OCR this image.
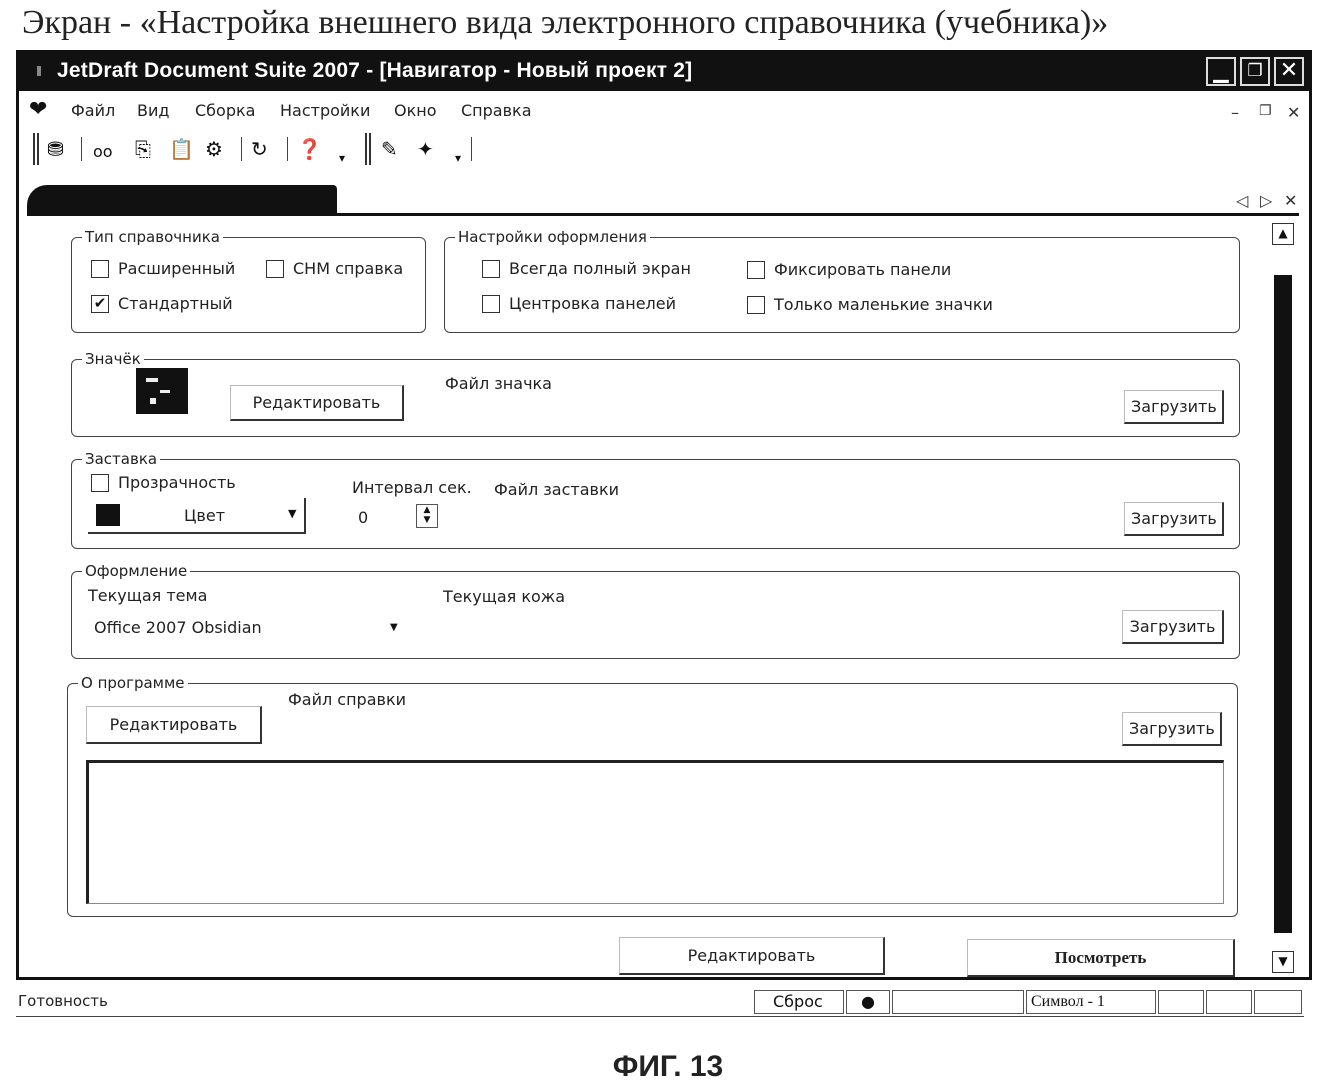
Экран - «Настройка внешнего вида электронного справочника (учебника)»
JetDraft Document Suite 2007 - [Навигатор - Новый проект 2]	▁	❐ ✕
❤ Файл Вид Сборка Настройки Окно Справка	– ❐ ✕
⛃ oo ⎘ 📋 ⚙ ↻ ❓ ▾ ✎ ✦ ▾
◁ ▷ ✕
Тип справочника
Расширенный	CHM справка
✔ Стандартный
Настройки оформления
Всегда полный экран	Фиксировать панели
Центровка панелей	Только маленькие значки
Значёк
Редактировать
Файл значка
Загрузить
Заставка
Прозрачность
Цвет	▼
Интервал сек.
0	▲
▼
Файл заставки
Загрузить
Оформление
Текущая тема
Office 2007 Obsidian	▼
Текущая кожа
Загрузить
О программе
Файл справки
Редактировать	Загрузить
Редактировать	Посмотреть
▲
▼
Готовность	Сброс	●	Символ - 1
ФИГ. 13
